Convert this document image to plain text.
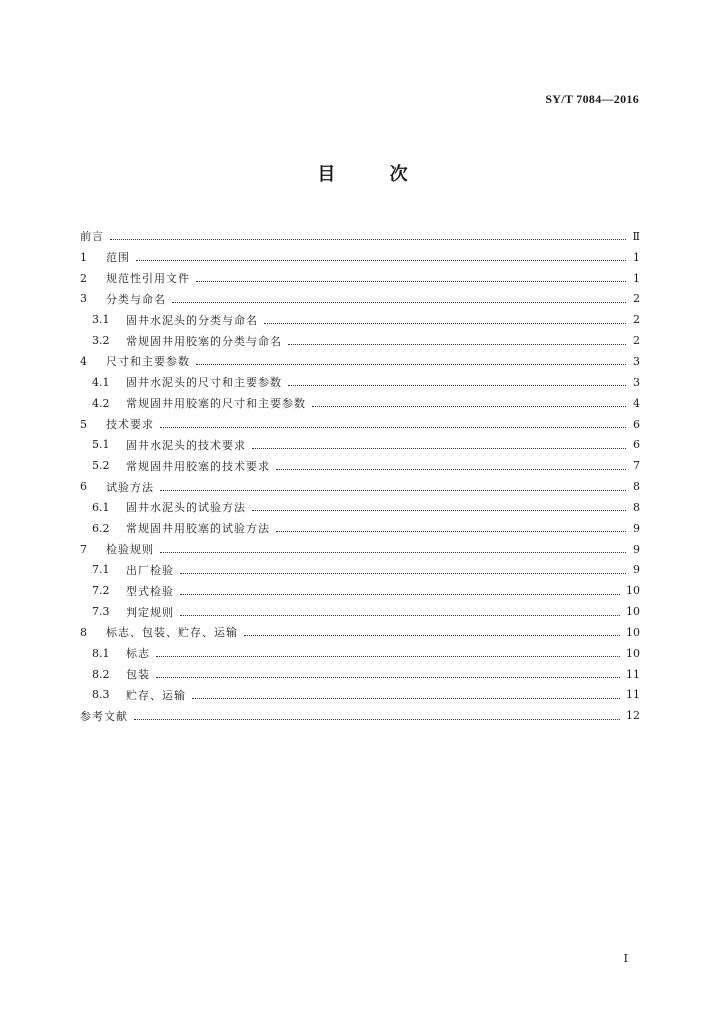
SY/T 7084—2016
目	次
前言	Ⅱ
1	范围	1
2	规范性引用文件	1
3	分类与命名	2
3.1	固井水泥头的分类与命名	2
3.2	常规固井用胶塞的分类与命名	2
4	尺寸和主要参数	3
4.1	固井水泥头的尺寸和主要参数	3
4.2	常规固井用胶塞的尺寸和主要参数	4
5	技术要求	6
5.1	固井水泥头的技术要求	6
5.2	常规固井用胶塞的技术要求	7
6	试验方法	8
6.1	固井水泥头的试验方法	8
6.2	常规固井用胶塞的试验方法	9
7	检验规则	9
7.1	出厂检验	9
7.2	型式检验	10
7.3	判定规则	10
8	标志、包装、贮存、运输	10
8.1	标志	10
8.2	包装	11
8.3	贮存、运输	11
参考文献	12
Ⅰ
